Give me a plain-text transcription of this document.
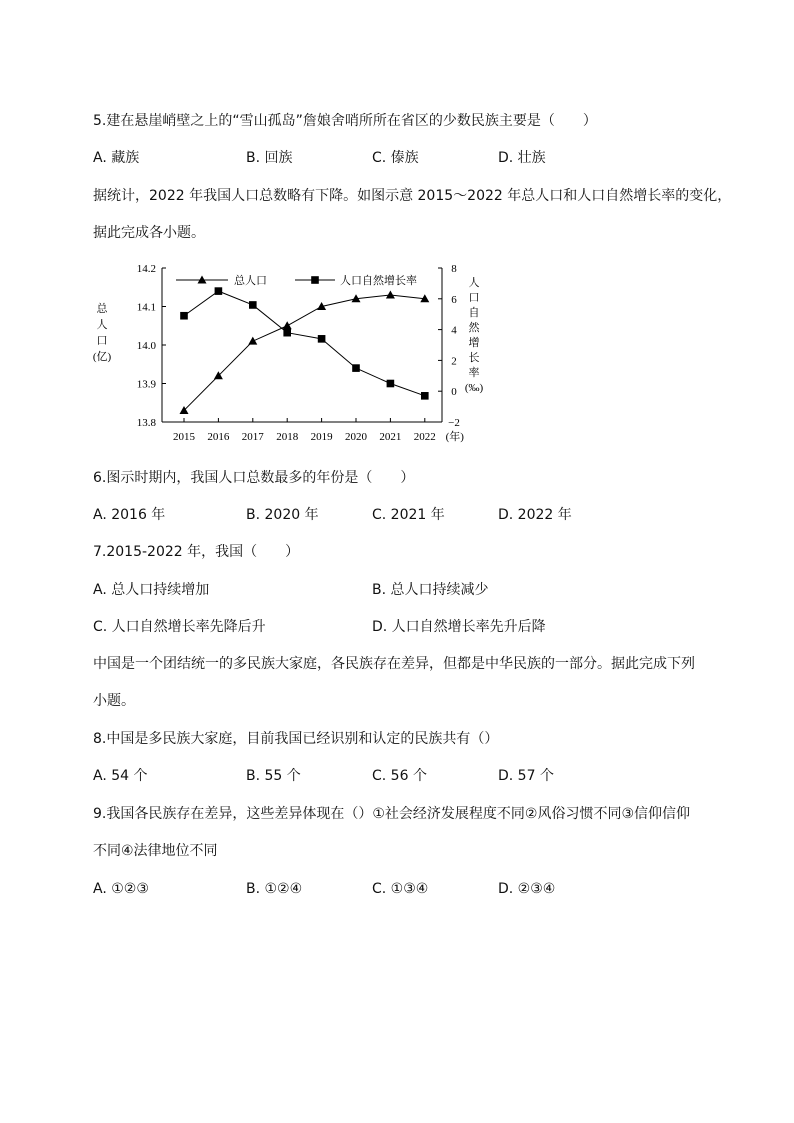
5.建在悬崖峭壁之上的“雪山孤岛”詹娘舍哨所所在省区的少数民族主要是（　　）
A. 藏族	B. 回族	C. 傣族	D. 壮族
据统计，2022 年我国人口总数略有下降。如图示意 2015～2022 年总人口和人口自然增长率的变化，
据此完成各小题。
13.8
13.9
14.0
14.1
14.2
−2
0
2
4
6
8
2015 2016 2017 2018 2019 2020 2021 2022 (年)
总
人
口
(亿)
人
口
自
然
增
长
率
(‰)
总人口	人口自然增长率
6.图示时期内，我国人口总数最多的年份是（　　）
A. 2016 年	B. 2020 年	C. 2021 年	D. 2022 年
7.2015-2022 年，我国（　　）
A. 总人口持续增加	B. 总人口持续减少
C. 人口自然增长率先降后升	D. 人口自然增长率先升后降
中国是一个团结统一的多民族大家庭，各民族存在差异，但都是中华民族的一部分。据此完成下列
小题。
8.中国是多民族大家庭，目前我国已经识别和认定的民族共有（）
A. 54 个	B. 55 个	C. 56 个	D. 57 个
9.我国各民族存在差异，这些差异体现在（）①社会经济发展程度不同②风俗习惯不同③信仰信仰
不同④法律地位不同
A. ①②③	B. ①②④	C. ①③④	D. ②③④
